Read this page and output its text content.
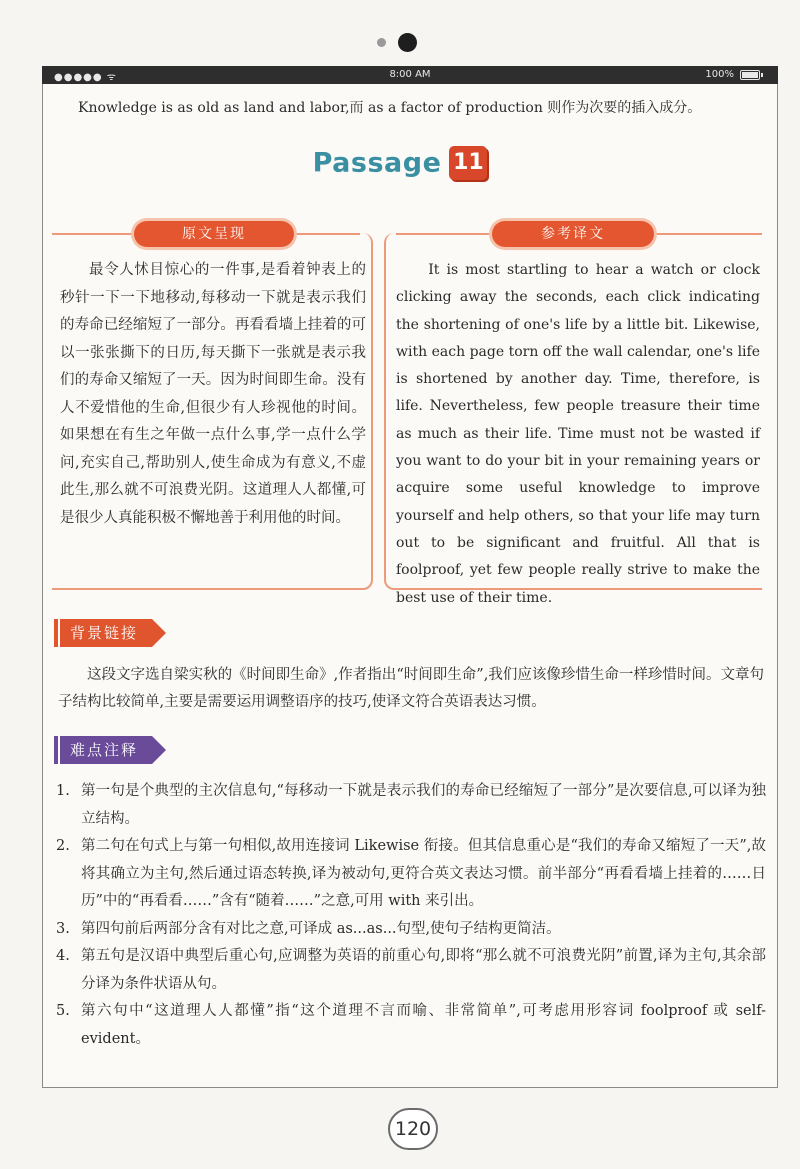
●●●●● ᯤ	8:00 AM	100%

Knowledge is as old as land and labor,而 as a factor of production 则作为次要的插入成分。

Passage 11
原文呈现

最令人怵目惊心的一件事,是看着钟表上的秒针一下一下地移动,每移动一下就是表示我们的寿命已经缩短了一部分。再看看墙上挂着的可以一张张撕下的日历,每天撕下一张就是表示我们的寿命又缩短了一天。因为时间即生命。没有人不爱惜他的生命,但很少有人珍视他的时间。如果想在有生之年做一点什么事,学一点什么学问,充实自己,帮助别人,使生命成为有意义,不虚此生,那么就不可浪费光阴。这道理人人都懂,可是很少人真能积极不懈地善于利用他的时间。

参考译文

It is most startling to hear a watch or clock clicking away the seconds, each click indicating the shortening of one's life by a little bit. Likewise, with each page torn off the wall calendar, one's life is shortened by another day. Time, therefore, is life. Nevertheless, few people treasure their time as much as their life. Time must not be wasted if you want to do your bit in your remaining years or acquire some useful knowledge to improve yourself and help others, so that your life may turn out to be significant and fruitful. All that is foolproof, yet few people really strive to make the best use of their time.

背景链接

这段文字选自梁实秋的《时间即生命》,作者指出“时间即生命”,我们应该像珍惜生命一样珍惜时间。文章句子结构比较简单,主要是需要运用调整语序的技巧,使译文符合英语表达习惯。

难点注释
1. 第一句是个典型的主次信息句,“每移动一下就是表示我们的寿命已经缩短了一部分”是次要信息,可以译为独立结构。
2. 第二句在句式上与第一句相似,故用连接词 Likewise 衔接。但其信息重心是“我们的寿命又缩短了一天”,故将其确立为主句,然后通过语态转换,译为被动句,更符合英文表达习惯。前半部分“再看看墙上挂着的……日历”中的“再看看……”含有“随着……”之意,可用 with 来引出。
3. 第四句前后两部分含有对比之意,可译成 as...as...句型,使句子结构更简洁。
4. 第五句是汉语中典型后重心句,应调整为英语的前重心句,即将“那么就不可浪费光阴”前置,译为主句,其余部分译为条件状语从句。
5. 第六句中“这道理人人都懂”指“这个道理不言而喻、非常简单”,可考虑用形容词 foolproof 或 self-evident。
120
